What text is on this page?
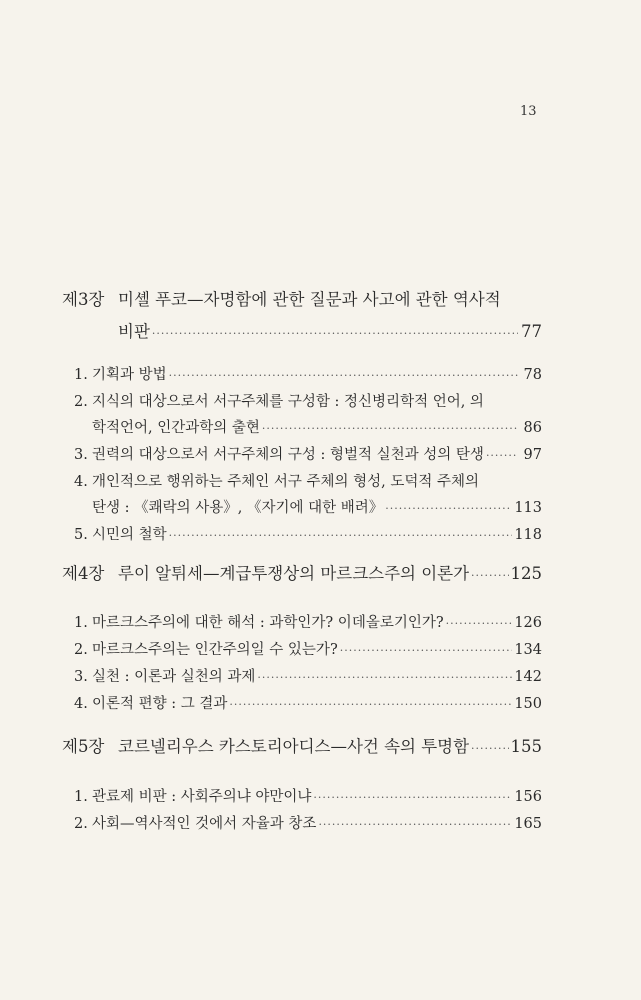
13
제3장 미셸 푸코—자명함에 관한 질문과 사고에 관한 역사적
비판 ·····	77
1. 기획과 방법 ·····	78
2. 지식의 대상으로서 서구주체를 구성함 : 정신병리학적 언어, 의
학적언어, 인간과학의 출현 ·····	86
3. 권력의 대상으로서 서구주체의 구성 : 형벌적 실천과 성의 탄생 ·····	97
4. 개인적으로 행위하는 주체인 서구 주체의 형성, 도덕적 주체의
탄생 : 《쾌락의 사용》, 《자기에 대한 배려》 ·····	113
5. 시민의 철학 ·····	118
제4장 루이 알튀세—계급투쟁상의 마르크스주의 이론가 ·····	125
1. 마르크스주의에 대한 해석 : 과학인가? 이데올로기인가? ·····	126
2. 마르크스주의는 인간주의일 수 있는가? ·····	134
3. 실천 : 이론과 실천의 과제 ·····	142
4. 이론적 편향 : 그 결과 ·····	150
제5장 코르넬리우스 카스토리아디스—사건 속의 투명함 ·····	155
1. 관료제 비판 : 사회주의냐 야만이냐 ·····	156
2. 사회—역사적인 것에서 자율과 창조 ·····	165
